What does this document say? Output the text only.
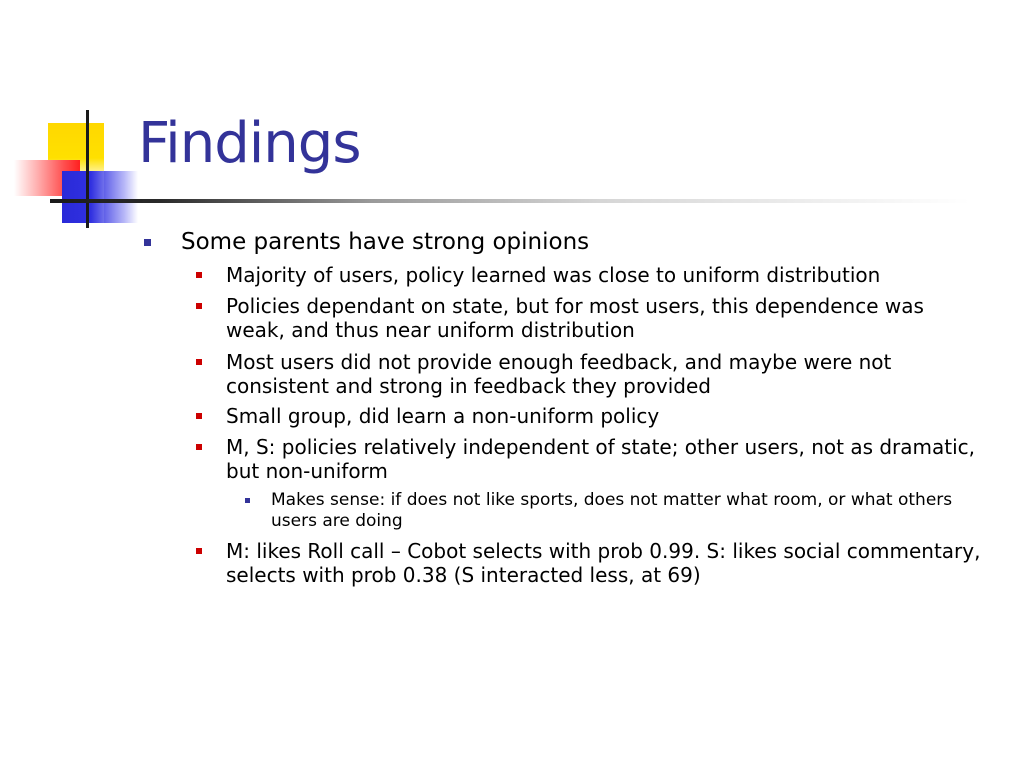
Findings
Some parents have strong opinions
Majority of users, policy learned was close to uniform distribution
Policies dependant on state, but for most users, this dependence was weak, and thus near uniform distribution
Most users did not provide enough feedback, and maybe were not consistent and strong in feedback they provided
Small group, did learn a non-uniform policy
M, S: policies relatively independent of state; other users, not as dramatic, but non-uniform
Makes sense: if does not like sports, does not matter what room, or what others users are doing
M: likes Roll call – Cobot selects with prob 0.99. S: likes social commentary, selects with prob 0.38 (S interacted less, at 69)
